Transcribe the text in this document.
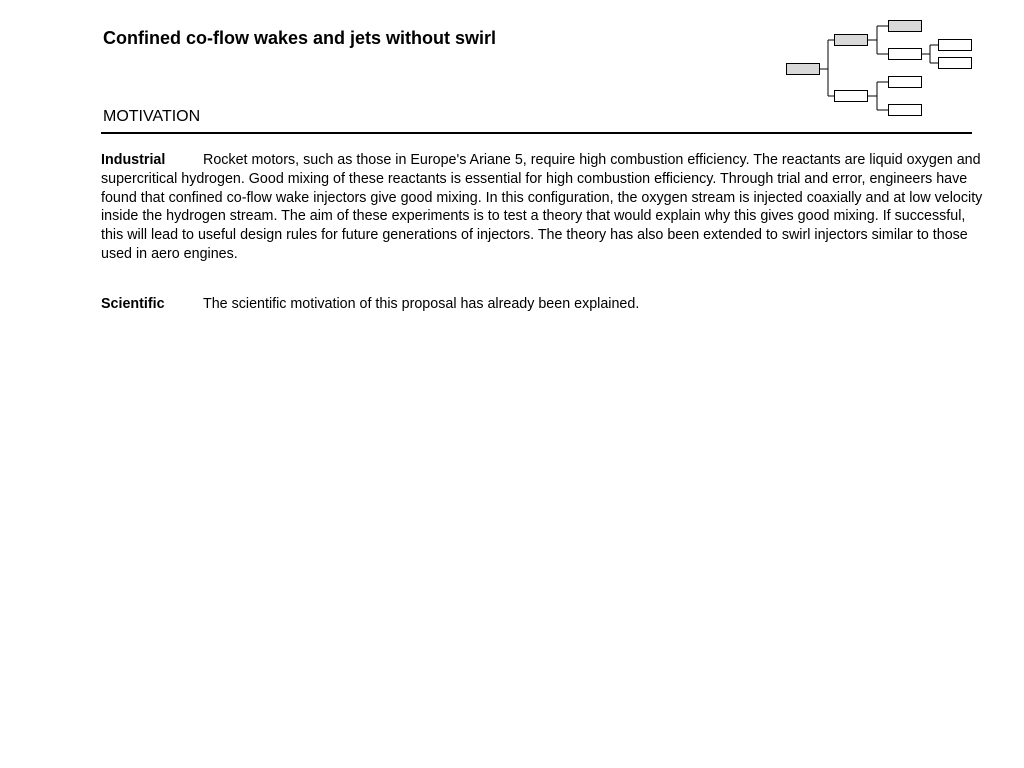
Confined co-flow wakes and jets without swirl
MOTIVATION
Industrial	Rocket motors, such as those in Europe's Ariane 5, require high combustion efficiency. The reactants are liquid oxygen and supercritical hydrogen. Good mixing of these reactants is essential for high combustion efficiency. Through trial and error, engineers have found that confined co-flow wake injectors give good mixing. In this configuration, the oxygen stream is injected coaxially and at low velocity inside the hydrogen stream. The aim of these experiments is to test a theory that would explain why this gives good mixing. If successful, this will lead to useful design rules for future generations of injectors. The theory has also been extended to swirl injectors similar to those used in aero engines.
Scientific	The scientific motivation of this proposal has already been explained.
